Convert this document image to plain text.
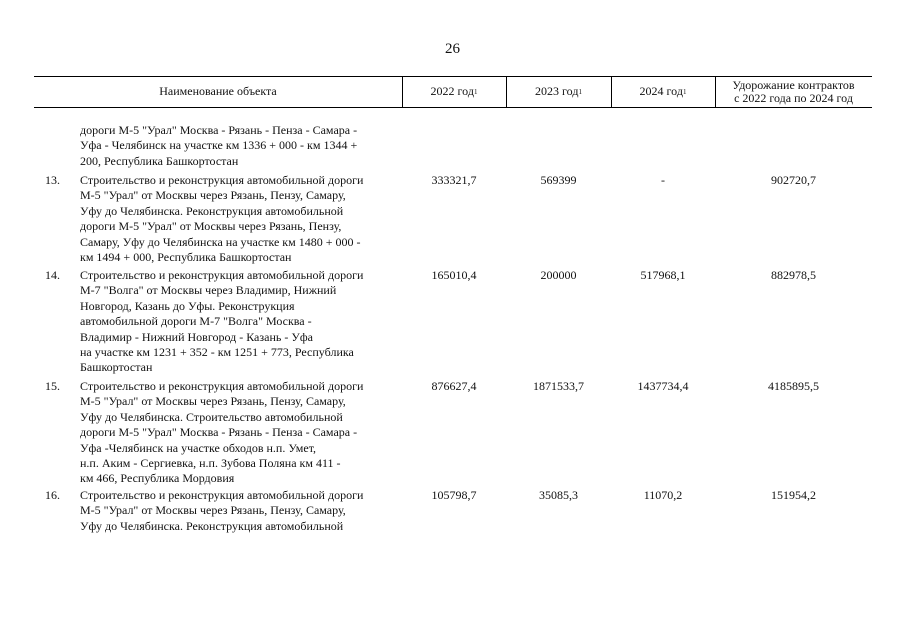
26
Наименование объекта	2022 год 1	2023 год 1	2024 год 1	Удорожание контрактов
с 2022 года по 2024 год
дороги М-5 "Урал" Москва - Рязань - Пенза - Самара -
Уфа - Челябинск на участке км 1336 + 000 - км 1344 +
200, Республика Башкортостан
13.	Строительство и реконструкция автомобильной дороги
М-5 "Урал" от Москвы через Рязань, Пензу, Самару,
Уфу до Челябинска. Реконструкция автомобильной
дороги М-5 "Урал" от Москвы через Рязань, Пензу,
Самару, Уфу до Челябинска на участке км 1480 + 000 -
км 1494 + 000, Республика Башкортостан
333321,7	569399	-	902720,7
14.	Строительство и реконструкция автомобильной дороги
М-7 "Волга" от Москвы через Владимир, Нижний
Новгород, Казань до Уфы. Реконструкция
автомобильной дороги М-7 "Волга" Москва -
Владимир - Нижний Новгород - Казань - Уфа
на участке км 1231 + 352 - км 1251 + 773, Республика
Башкортостан
165010,4	200000	517968,1	882978,5
15.	Строительство и реконструкция автомобильной дороги
М-5 "Урал" от Москвы через Рязань, Пензу, Самару,
Уфу до Челябинска. Строительство автомобильной
дороги М-5 "Урал" Москва - Рязань - Пенза - Самара -
Уфа -Челябинск на участке обходов н.п. Умет,
н.п. Аким - Сергиевка, н.п. Зубова Поляна км 411 -
км 466, Республика Мордовия
876627,4	1871533,7	1437734,4	4185895,5
16.	Строительство и реконструкция автомобильной дороги
М-5 "Урал" от Москвы через Рязань, Пензу, Самару,
Уфу до Челябинска. Реконструкция автомобильной
105798,7	35085,3	11070,2	151954,2
